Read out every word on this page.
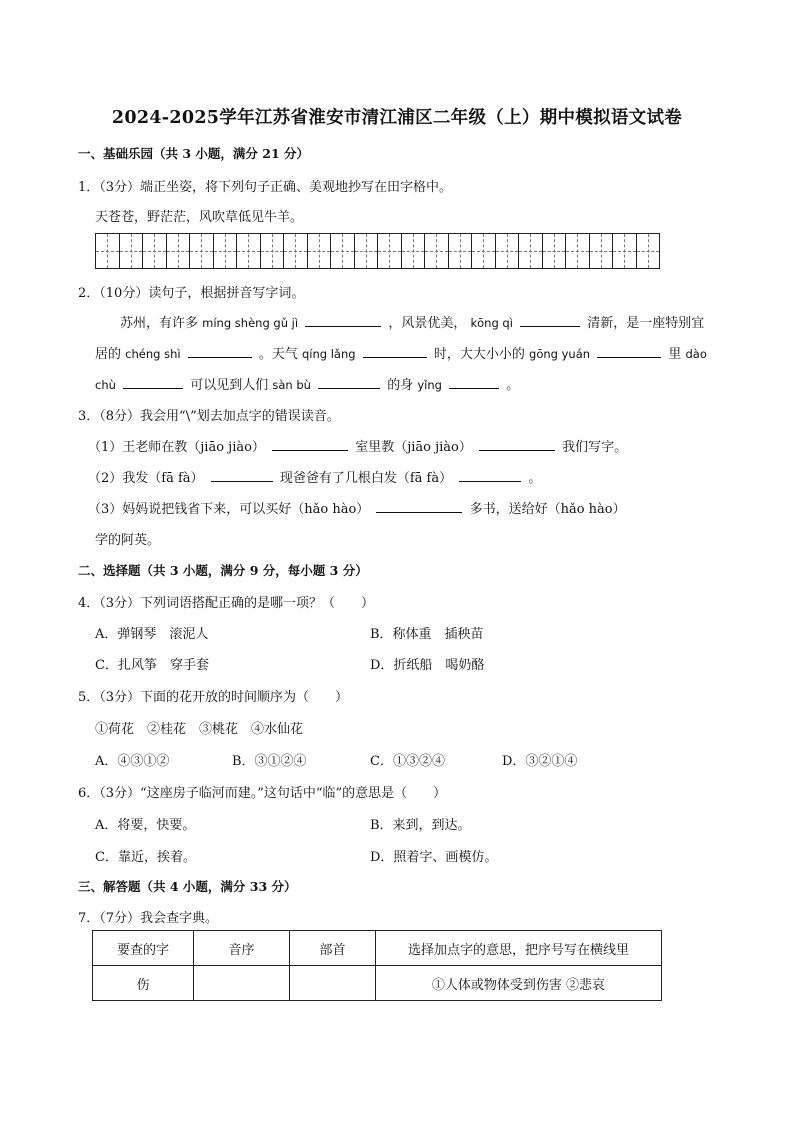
2024-2025学年江苏省淮安市清江浦区二年级（上）期中模拟语文试卷
一、基础乐园（共 3 小题，满分 21 分）
1．（3分）端正坐姿，将下列句子正确、美观地抄写在田字格中。
天苍苍，野茫茫，风吹草低见牛羊。
2．（10分）读句子，根据拼音写字词。
苏州，有许多 míng shèng gǔ jì	，风景优美， kōng qì	清新，是一座特别宜
居的 chéng shì	。天气 qíng lǎng	时，大大小小的 gōng yuán	里 dào
chù	可以见到人们 sàn bù	的身 yǐng	。
3．（8分）我会用“\”划去加点字的错误读音。
（1）王老师在教（jiāo jiào）	室里教（jiāo jiào）	我们写字。
（2）我发（fā fà）	现爸爸有了几根白发（fā fà）	。
（3）妈妈说把钱省下来，可以买好（hǎo hào）	多书，送给好（hǎo hào）
学的阿英。
二、选择题（共 3 小题，满分 9 分，每小题 3 分）
4．（3分）下列词语搭配正确的是哪一项？（　　）
A．弹钢琴　滚泥人	B．称体重　插秧苗
C．扎风筝　穿手套	D．折纸船　喝奶酪
5．（3分）下面的花开放的时间顺序为（　　）
①荷花　②桂花　③桃花　④水仙花
A．④③①②	B．③①②④	C．①③②④	D．③②①④
6．（3分）“这座房子临河而建。”这句话中“临”的意思是（　　）
A．将要，快要。	B．来到，到达。
C．靠近，挨着。	D．照着字、画模仿。
三、解答题（共 4 小题，满分 33 分）
7．（7分）我会查字典。
要查的字	音序	部首	选择加点字的意思，把序号写在横线里
伤			①人体或物体受到伤害 ②悲哀
